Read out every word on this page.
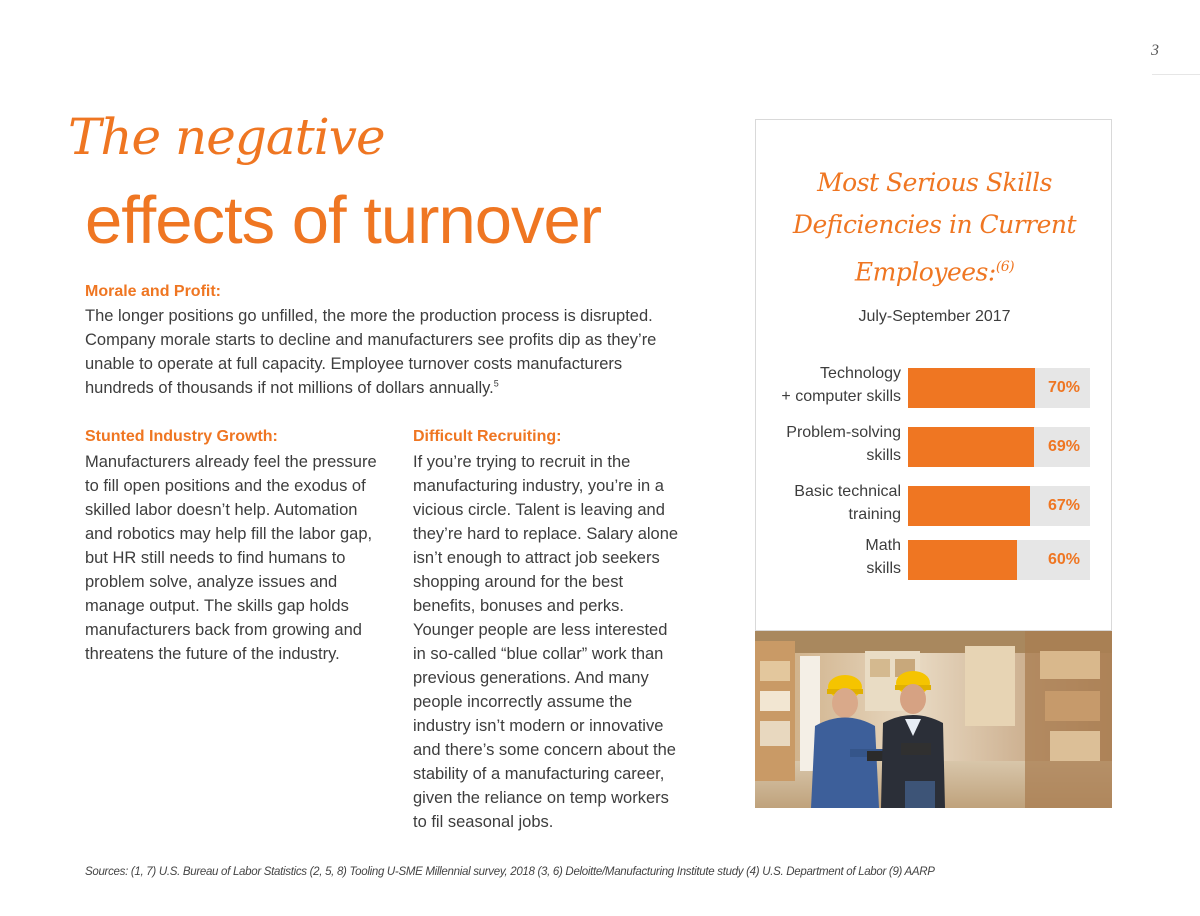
3
The negative
effects of turnover
Morale and Profit:

The longer positions go unfilled, the more the production process is disrupted. Company morale starts to decline and manufacturers see profits dip as they’re unable to operate at full capacity. Employee turnover costs manufacturers hundreds of thousands if not millions of dollars annually.$^5$

Stunted Industry Growth:

Manufacturers already feel the pressure to fill open positions and the exodus of skilled labor doesn’t help. Automation and robotics may help fill the labor gap, but HR still needs to find humans to problem solve, analyze issues and manage output. The skills gap holds manufacturers back from growing and threatens the future of the industry.

Difficult Recruiting:

If you’re trying to recruit in the manufacturing industry, you’re in a vicious circle. Talent is leaving and they’re hard to replace. Salary alone isn’t enough to attract job seekers shopping around for the best benefits, bonuses and perks. Younger people are less interested in so-called “blue collar” work than previous generations. And many people incorrectly assume the industry isn’t modern or innovative and there’s some concern about the stability of a manufacturing career, given the reliance on temp workers to fil seasonal jobs.

Most Serious Skills Deficiencies in Current Employees:$^{(6)}$
July-September 2017
Technology
+ computer skills
70%
Problem-solving
skills
69%
Basic technical
training
67%
Math
skills
60%
Sources: (1, 7) U.S. Bureau of Labor Statistics (2, 5, 8) Tooling U-SME Millennial survey, 2018 (3, 6) Deloitte/Manufacturing Institute study (4) U.S. Department of Labor (9) AARP
